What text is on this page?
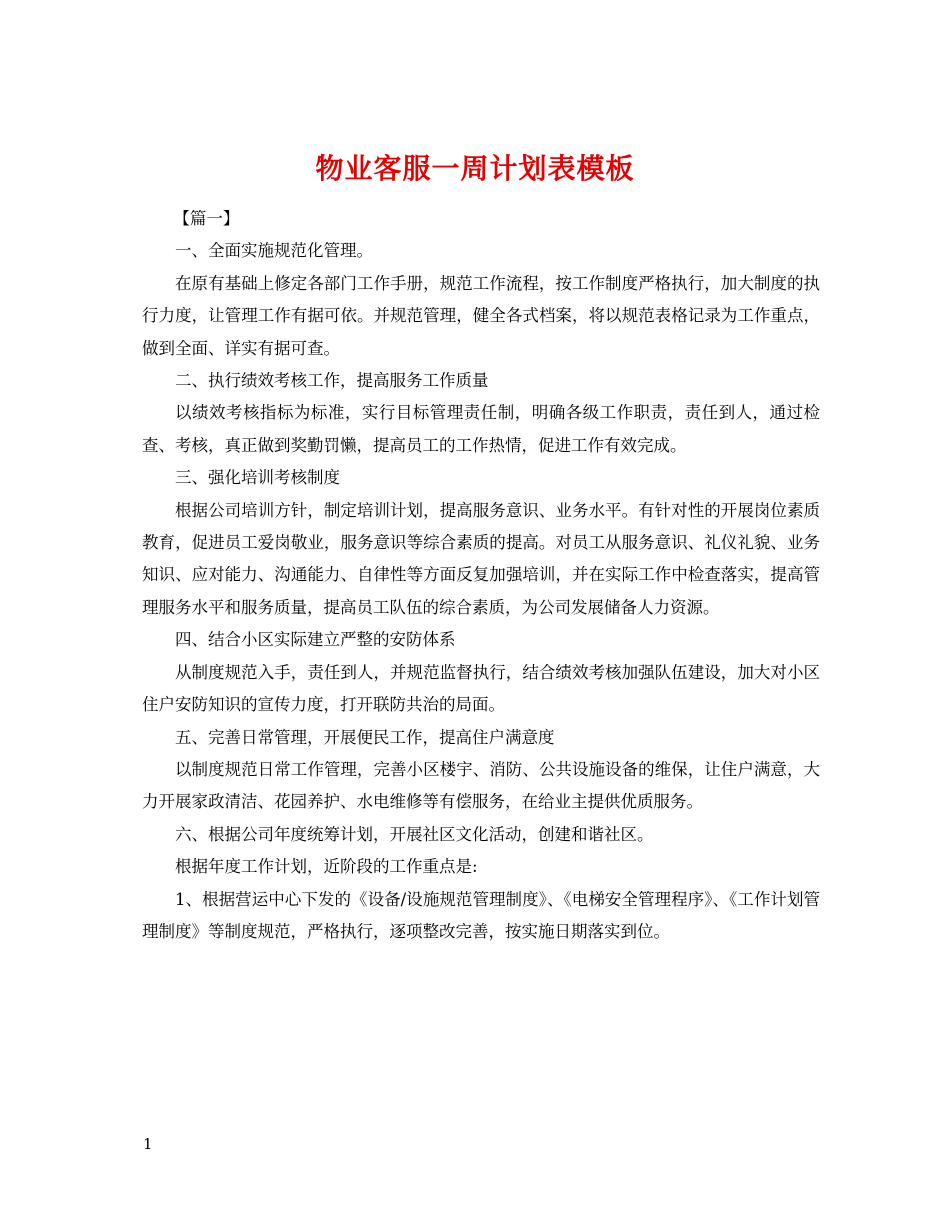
物业客服一周计划表模板

【篇一】

一、全面实施规范化管理。

在原有基础上修定各部门工作手册，规范工作流程，按工作制度严格执行，加大制度的执行力度，让管理工作有据可依。并规范管理，健全各式档案，将以规范表格记录为工作重点，做到全面、详实有据可查。

二、执行绩效考核工作，提高服务工作质量

以绩效考核指标为标准，实行目标管理责任制，明确各级工作职责，责任到人，通过检查、考核，真正做到奖勤罚懒，提高员工的工作热情，促进工作有效完成。

三、强化培训考核制度

根据公司培训方针，制定培训计划，提高服务意识、业务水平。有针对性的开展岗位素质教育，促进员工爱岗敬业，服务意识等综合素质的提高。对员工从服务意识、礼仪礼貌、业务知识、应对能力、沟通能力、自律性等方面反复加强培训，并在实际工作中检查落实，提高管理服务水平和服务质量，提高员工队伍的综合素质，为公司发展储备人力资源。

四、结合小区实际建立严整的安防体系

从制度规范入手，责任到人，并规范监督执行，结合绩效考核加强队伍建设，加大对小区住户安防知识的宣传力度，打开联防共治的局面。

五、完善日常管理，开展便民工作，提高住户满意度

以制度规范日常工作管理，完善小区楼宇、消防、公共设施设备的维保，让住户满意，大力开展家政清洁、花园养护、水电维修等有偿服务，在给业主提供优质服务。

六、根据公司年度统筹计划，开展社区文化活动，创建和谐社区。

根据年度工作计划，近阶段的工作重点是:

1、根据营运中心下发的《设备/设施规范管理制度》、《电梯安全管理程序》、《工作计划管理制度》等制度规范，严格执行，逐项整改完善，按实施日期落实到位。

1
